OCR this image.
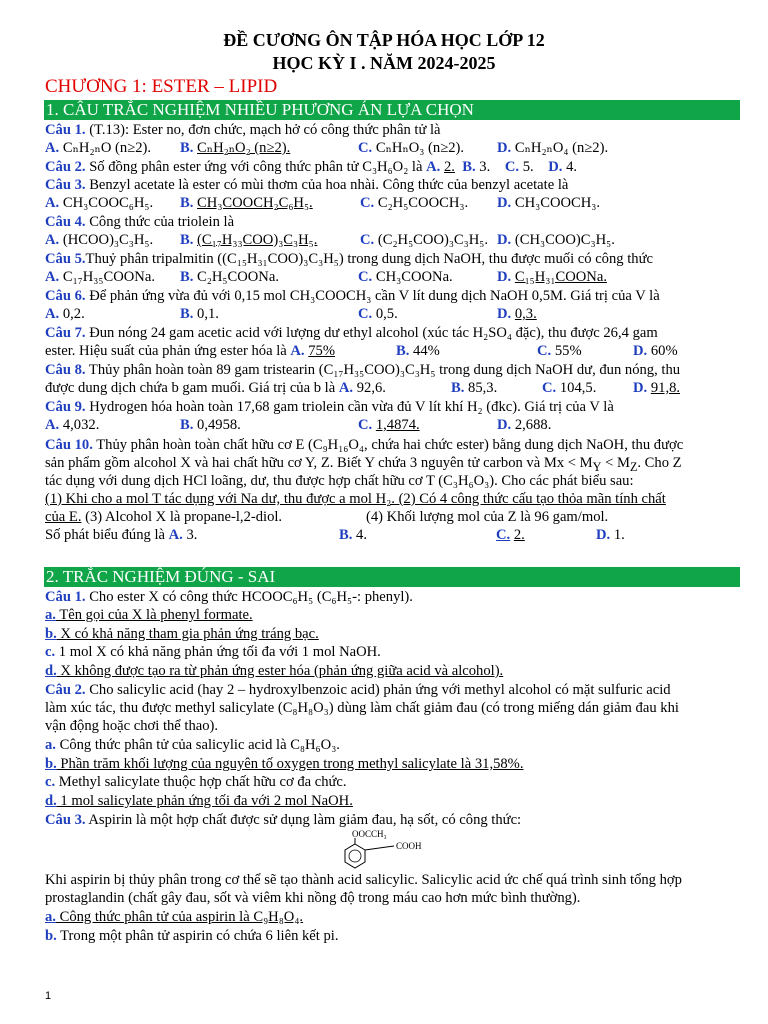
ĐỀ CƯƠNG ÔN TẬP HÓA HỌC LỚP 12
HỌC KỲ I . NĂM 2024-2025
CHƯƠNG 1: ESTER – LIPID
1. CÂU TRẮC NGHIỆM NHIỀU PHƯƠNG ÁN LỰA CHỌN
Câu 1. (T.13): Ester no, đơn chức, mạch hở có công thức phân tử là
A. CₙH₂ₙO (n≥2). B. CₙH₂ₙO₂ (n≥2).	C. CₙHₙO₃ (n≥2). D. CₙH₂ₙO₄ (n≥2).
Câu 2. Số đồng phân ester ứng với công thức phân tử C₃H₆O₂ là A. 2. B. 3. C. 5. D. 4.
Câu 3. Benzyl acetate là ester có mùi thơm của hoa nhài. Công thức của benzyl acetate là
A. CH₃COOC₆H₅. B. CH₃COOCH₂C₆H₅.	C. C₂H₅COOCH₃. D. CH₃COOCH₃.
Câu 4. Công thức của triolein là
A. (HCOO)₃C₃H₅. B. (C₁₇H₃₃COO)₃C₃H₅.	C. (C₂H₅COO)₃C₃H₅. D. (CH₃COO)C₃H₅.
Câu 5.Thuỷ phân tripalmitin ((C₁₅H₃₁COO)₃C₃H₅) trong dung dịch NaOH, thu được muối có công thức
A. C₁₇H₃₅COONa. B. C₂H₅COONa.	C. CH₃COONa.	D. C₁₅H₃₁COONa.
Câu 6. Để phản ứng vừa đủ với 0,15 mol CH₃COOCH₃ cần V lít dung dịch NaOH 0,5M. Giá trị của V là
A. 0,2.	B. 0,1.	C. 0,5.	D. 0,3.
Câu 7. Đun nóng 24 gam acetic acid với lượng dư ethyl alcohol (xúc tác H₂SO₄ đặc), thu được 26,4 gam
ester. Hiệu suất của phản ứng ester hóa là A. 75%	B. 44%	C. 55%	D. 60%
Câu 8. Thủy phân hoàn toàn 89 gam tristearin (C₁₇H₃₅COO)₃C₃H₅ trong dung dịch NaOH dư, đun nóng, thu
được dung dịch chứa b gam muối. Giá trị của b là A. 92,6.	B. 85,3.	C. 104,5.	D. 91,8.
Câu 9. Hydrogen hóa hoàn toàn 17,68 gam triolein cần vừa đủ V lít khí H₂ (đkc). Giá trị của V là
A. 4,032.	B. 0,4958.	C. 1,4874.	D. 2,688.
Câu 10. Thủy phân hoàn toàn chất hữu cơ E (C₉H₁₆O₄, chứa hai chức ester) bằng dung dịch NaOH, thu được
sản phẩm gồm alcohol X và hai chất hữu cơ Y, Z. Biết Y chứa 3 nguyên tử carbon và $Mx < M_Y < M_Z$. Cho Z
tác dụng với dung dịch HCl loãng, dư, thu được hợp chất hữu cơ T (C₃H₆O₃). Cho các phát biểu sau:
(1) Khi cho a mol T tác dụng với Na dư, thu được a mol H₂. (2) Có 4 công thức cấu tạo thỏa mãn tính chất
của E. (3) Alcohol X là propane-l,2-diol.	(4) Khối lượng mol của Z là 96 gam/mol.
Số phát biểu đúng là A. 3.	B. 4.	C. 2.	D. 1.
2. TRẮC NGHIỆM ĐÚNG - SAI
Câu 1. Cho ester X có công thức HCOOC₆H₅ (C₆H₅-: phenyl).
a. Tên gọi của X là phenyl formate.
b. X có khả năng tham gia phản ứng tráng bạc.
c. 1 mol X có khả năng phản ứng tối đa với 1 mol NaOH.
d. X không được tạo ra từ phản ứng ester hóa (phản ứng giữa acid và alcohol).
Câu 2. Cho salicylic acid (hay 2 – hydroxylbenzoic acid) phản ứng với methyl alcohol có mặt sulfuric acid
làm xúc tác, thu được methyl salicylate (C₈H₈O₃) dùng làm chất giảm đau (có trong miếng dán giảm đau khi
vận động hoặc chơi thể thao).
a. Công thức phân tử của salicylic acid là C₈H₆O₃.
b. Phần trăm khối lượng của nguyên tố oxygen trong methyl salicylate là 31,58%.
c. Methyl salicylate thuộc hợp chất hữu cơ đa chức.
d. 1 mol salicylate phản ứng tối đa với 2 mol NaOH.
Câu 3. Aspirin là một hợp chất được sử dụng làm giảm đau, hạ sốt, có công thức:
OOCCH₃
COOH
Khi aspirin bị thủy phân trong cơ thể sẽ tạo thành acid salicylic. Salicylic acid ức chế quá trình sinh tổng hợp
prostaglandin (chất gây đau, sốt và viêm khi nồng độ trong máu cao hơn mức bình thường).
a. Công thức phân tử của aspirin là C₉H₈O₄.
b. Trong một phân tử aspirin có chứa 6 liên kết pi.
1
